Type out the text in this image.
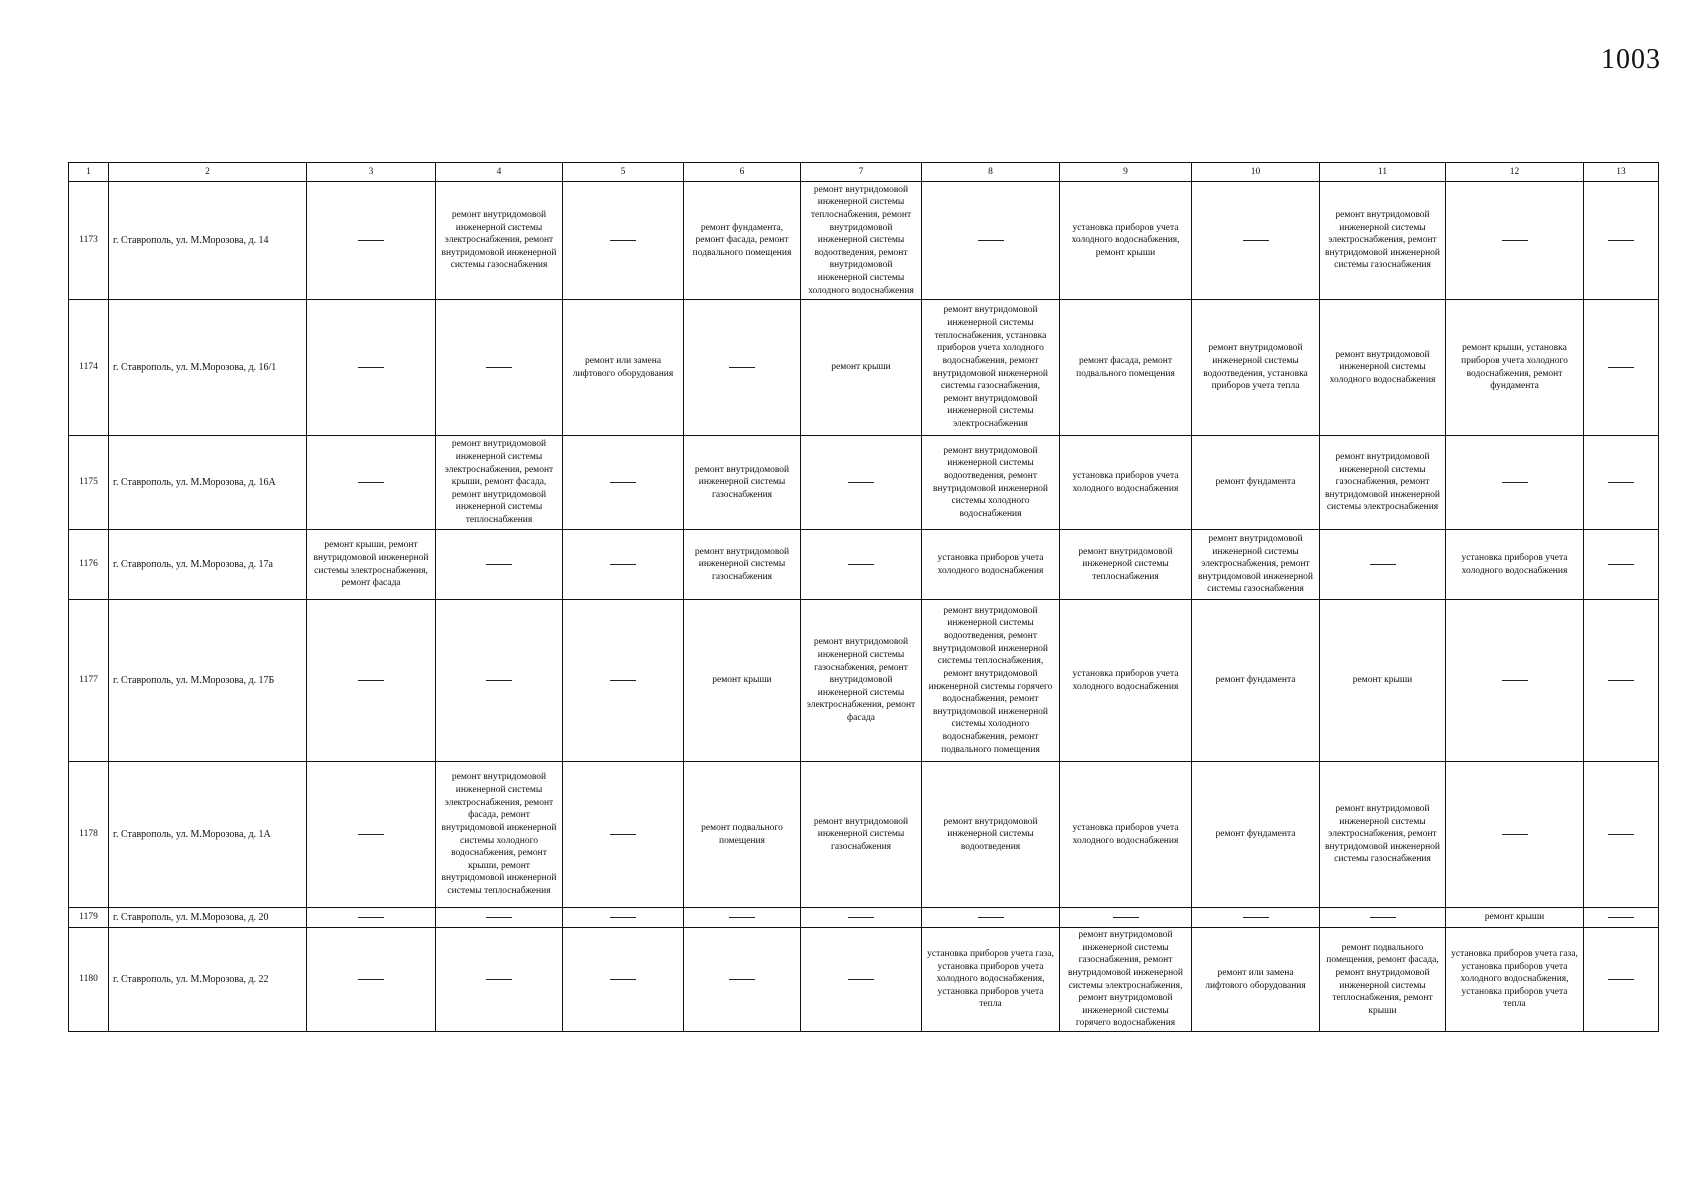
1003
1	2	3	4	5	6	7	8	9	10	11	12	13
1173	г. Ставрополь, ул. М.Морозова, д. 14		ремонт внутридомовой инженерной системы электроснабжения, ремонт внутридомовой инженерной системы газоснабжения		ремонт фундамента, ремонт фасада, ремонт подвального помещения	ремонт внутридомовой инженерной системы теплоснабжения, ремонт внутридомовой инженерной системы водоотведения, ремонт внутридомовой инженерной системы холодного водоснабжения		установка приборов учета холодного водоснабжения, ремонт крыши		ремонт внутридомовой инженерной системы электроснабжения, ремонт внутридомовой инженерной системы газоснабжения		
1174	г. Ставрополь, ул. М.Морозова, д. 16/1			ремонт или замена лифтового оборудования		ремонт крыши	ремонт внутридомовой инженерной системы теплоснабжения, установка приборов учета холодного водоснабжения, ремонт внутридомовой инженерной системы газоснабжения, ремонт внутридомовой инженерной системы электроснабжения	ремонт фасада, ремонт подвального помещения	ремонт внутридомовой инженерной системы водоотведения, установка приборов учета тепла	ремонт внутридомовой инженерной системы холодного водоснабжения	ремонт крыши, установка приборов учета холодного водоснабжения, ремонт фундамента	
1175	г. Ставрополь, ул. М.Морозова, д. 16А		ремонт внутридомовой инженерной системы электроснабжения, ремонт крыши, ремонт фасада, ремонт внутридомовой инженерной системы теплоснабжения		ремонт внутридомовой инженерной системы газоснабжения		ремонт внутридомовой инженерной системы водоотведения, ремонт внутридомовой инженерной системы холодного водоснабжения	установка приборов учета холодного водоснабжения	ремонт фундамента	ремонт внутридомовой инженерной системы газоснабжения, ремонт внутридомовой инженерной системы электроснабжения		
1176	г. Ставрополь, ул. М.Морозова, д. 17а	ремонт крыши, ремонт внутридомовой инженерной системы электроснабжения, ремонт фасада			ремонт внутридомовой инженерной системы газоснабжения		установка приборов учета холодного водоснабжения	ремонт внутридомовой инженерной системы теплоснабжения	ремонт внутридомовой инженерной системы электроснабжения, ремонт внутридомовой инженерной системы газоснабжения		установка приборов учета холодного водоснабжения	
1177	г. Ставрополь, ул. М.Морозова, д. 17Б				ремонт крыши	ремонт внутридомовой инженерной системы газоснабжения, ремонт внутридомовой инженерной системы электроснабжения, ремонт фасада	ремонт внутридомовой инженерной системы водоотведения, ремонт внутридомовой инженерной системы теплоснабжения, ремонт внутридомовой инженерной системы горячего водоснабжения, ремонт внутридомовой инженерной системы холодного водоснабжения, ремонт подвального помещения	установка приборов учета холодного водоснабжения	ремонт фундамента	ремонт крыши		
1178	г. Ставрополь, ул. М.Морозова, д. 1А		ремонт внутридомовой инженерной системы электроснабжения, ремонт фасада, ремонт внутридомовой инженерной системы холодного водоснабжения, ремонт крыши, ремонт внутридомовой инженерной системы теплоснабжения		ремонт подвального помещения	ремонт внутридомовой инженерной системы газоснабжения	ремонт внутридомовой инженерной системы водоотведения	установка приборов учета холодного водоснабжения	ремонт фундамента	ремонт внутридомовой инженерной системы электроснабжения, ремонт внутридомовой инженерной системы газоснабжения		
1179	г. Ставрополь, ул. М.Морозова, д. 20										ремонт крыши	
1180	г. Ставрополь, ул. М.Морозова, д. 22						установка приборов учета газа, установка приборов учета холодного водоснабжения, установка приборов учета тепла	ремонт внутридомовой инженерной системы газоснабжения, ремонт внутридомовой инженерной системы электроснабжения, ремонт внутридомовой инженерной системы горячего водоснабжения	ремонт или замена лифтового оборудования	ремонт подвального помещения, ремонт фасада, ремонт внутридомовой инженерной системы теплоснабжения, ремонт крыши	установка приборов учета газа, установка приборов учета холодного водоснабжения, установка приборов учета тепла	
